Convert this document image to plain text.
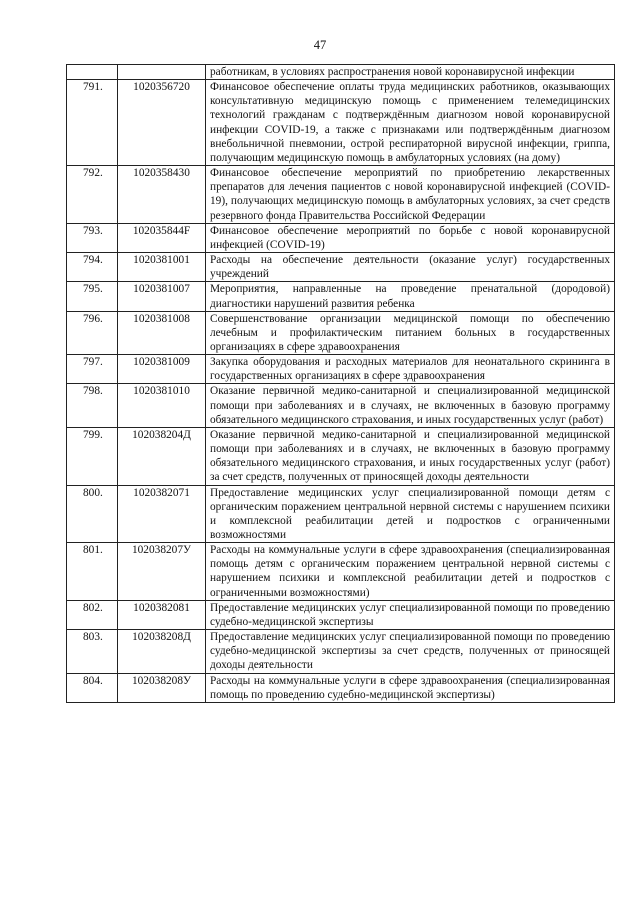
47
		работникам, в условиях распространения новой коронавирусной инфекции
791.	1020356720	Финансовое обеспечение оплаты труда медицинских работников, оказывающих консультативную медицинскую помощь с применением телемедицинских технологий гражданам с подтверждённым диагнозом новой коронавирусной инфекции COVID-19, а также с признаками или подтверждённым диагнозом внебольничной пневмонии, острой респираторной вирусной инфекции, гриппа, получающим медицинскую помощь в амбулаторных условиях (на дому)
792.	1020358430	Финансовое обеспечение мероприятий по приобретению лекарственных препаратов для лечения пациентов с новой коронавирусной инфекцией (COVID-19), получающих медицинскую помощь в амбулаторных условиях, за счет средств резервного фонда Правительства Российской Федерации
793.	102035844F	Финансовое обеспечение мероприятий по борьбе с новой коронавирусной инфекцией (COVID-19)
794.	1020381001	Расходы на обеспечение деятельности (оказание услуг) государственных учреждений
795.	1020381007	Мероприятия, направленные на проведение пренатальной (дородовой) диагностики нарушений развития ребенка
796.	1020381008	Совершенствование организации медицинской помощи по обеспечению лечебным и профилактическим питанием больных в государственных организациях в сфере здравоохранения
797.	1020381009	Закупка оборудования и расходных материалов для неонатального скрининга в государственных организациях в сфере здравоохранения
798.	1020381010	Оказание первичной медико-санитарной и специализированной медицинской помощи при заболеваниях и в случаях, не включенных в базовую программу обязательного медицинского страхования, и иных государственных услуг (работ)
799.	102038204Д	Оказание первичной медико-санитарной и специализированной медицинской помощи при заболеваниях и в случаях, не включенных в базовую программу обязательного медицинского страхования, и иных государственных услуг (работ) за счет средств, полученных от приносящей доходы деятельности
800.	1020382071	Предоставление медицинских услуг специализированной помощи детям с органическим поражением центральной нервной системы с нарушением психики и комплексной реабилитации детей и подростков с ограниченными возможностями
801.	102038207У	Расходы на коммунальные услуги в сфере здравоохранения (специализированная помощь детям с органическим поражением центральной нервной системы с нарушением психики и комплексной реабилитации детей и подростков с ограниченными возможностями)
802.	1020382081	Предоставление медицинских услуг специализированной помощи по проведению судебно-медицинской экспертизы
803.	102038208Д	Предоставление медицинских услуг специализированной помощи по проведению судебно-медицинской экспертизы за счет средств, полученных от приносящей доходы деятельности
804.	102038208У	Расходы на коммунальные услуги в сфере здравоохранения (специализированная помощь по проведению судебно-медицинской экспертизы)
